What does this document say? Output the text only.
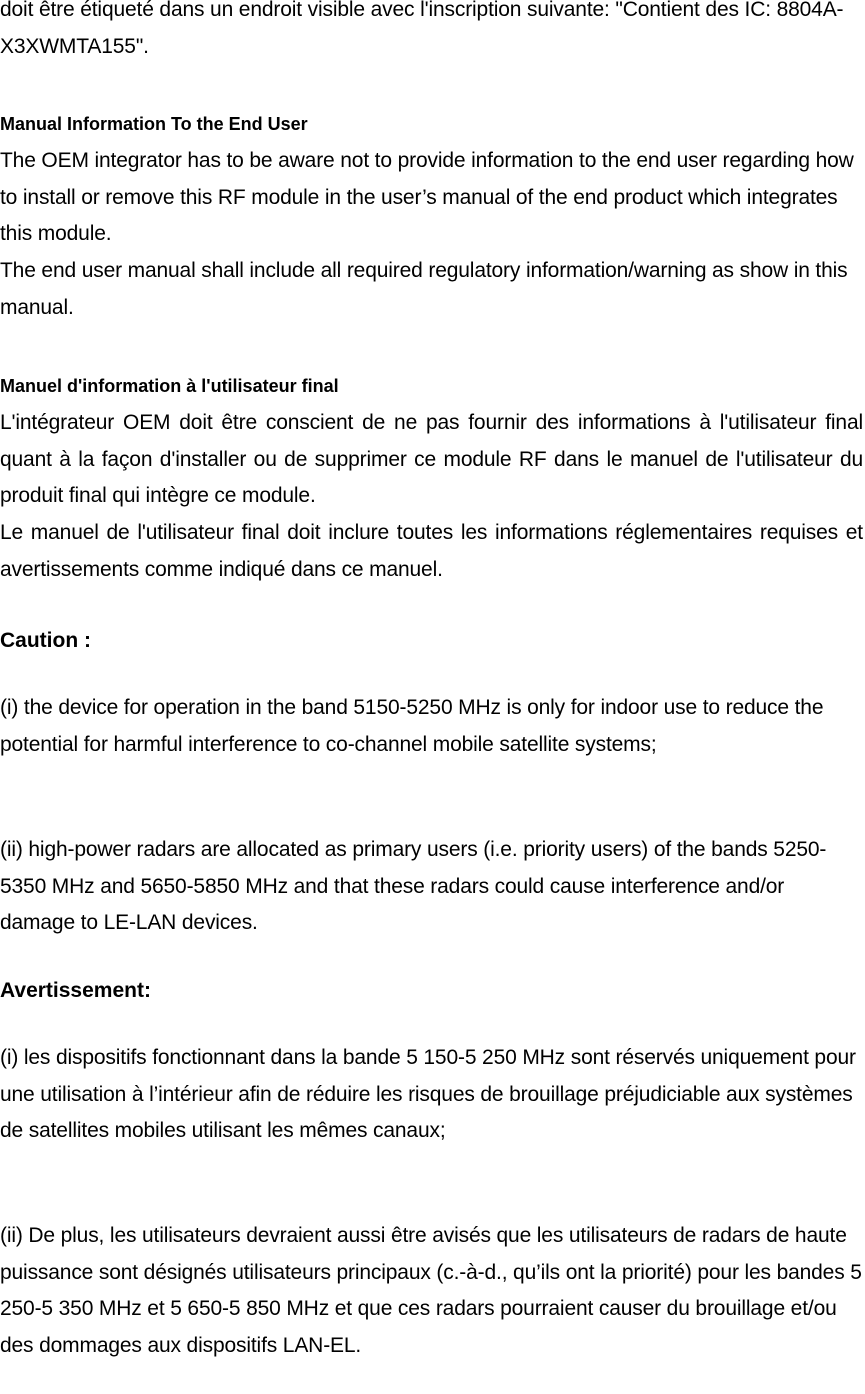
doit être étiqueté dans un endroit visible avec l'inscription suivante: "Contient des IC: 8804A-X3XWMTA155".

Manual Information To the End User

The OEM integrator has to be aware not to provide information to the end user regarding how to install or remove this RF module in the user’s manual of the end product which integrates this module.

The end user manual shall include all required regulatory information/warning as show in this manual.

Manuel d'information à l'utilisateur final

L'intégrateur OEM doit être conscient de ne pas fournir des informations à l'utilisateur final quant à la façon d'installer ou de supprimer ce module RF dans le manuel de l'utilisateur du produit final qui intègre ce module.

Le manuel de l'utilisateur final doit inclure toutes les informations réglementaires requises et avertissements comme indiqué dans ce manuel.

Caution :

(i) the device for operation in the band 5150-5250 MHz is only for indoor use to reduce the potential for harmful interference to co-channel mobile satellite systems;

(ii) high-power radars are allocated as primary users (i.e. priority users) of the bands 5250-5350 MHz and 5650-5850 MHz and that these radars could cause interference and/or damage to LE-LAN devices.

Avertissement:

(i) les dispositifs fonctionnant dans la bande 5 150-5 250 MHz sont réservés uniquement pour une utilisation à l’intérieur afin de réduire les risques de brouillage préjudiciable aux systèmes de satellites mobiles utilisant les mêmes canaux;

(ii) De plus, les utilisateurs devraient aussi être avisés que les utilisateurs de radars de haute puissance sont désignés utilisateurs principaux (c.-à-d., qu’ils ont la priorité) pour les bandes 5 250-5 350 MHz et 5 650-5 850 MHz et que ces radars pourraient causer du brouillage et/ou des dommages aux dispositifs LAN-EL.
